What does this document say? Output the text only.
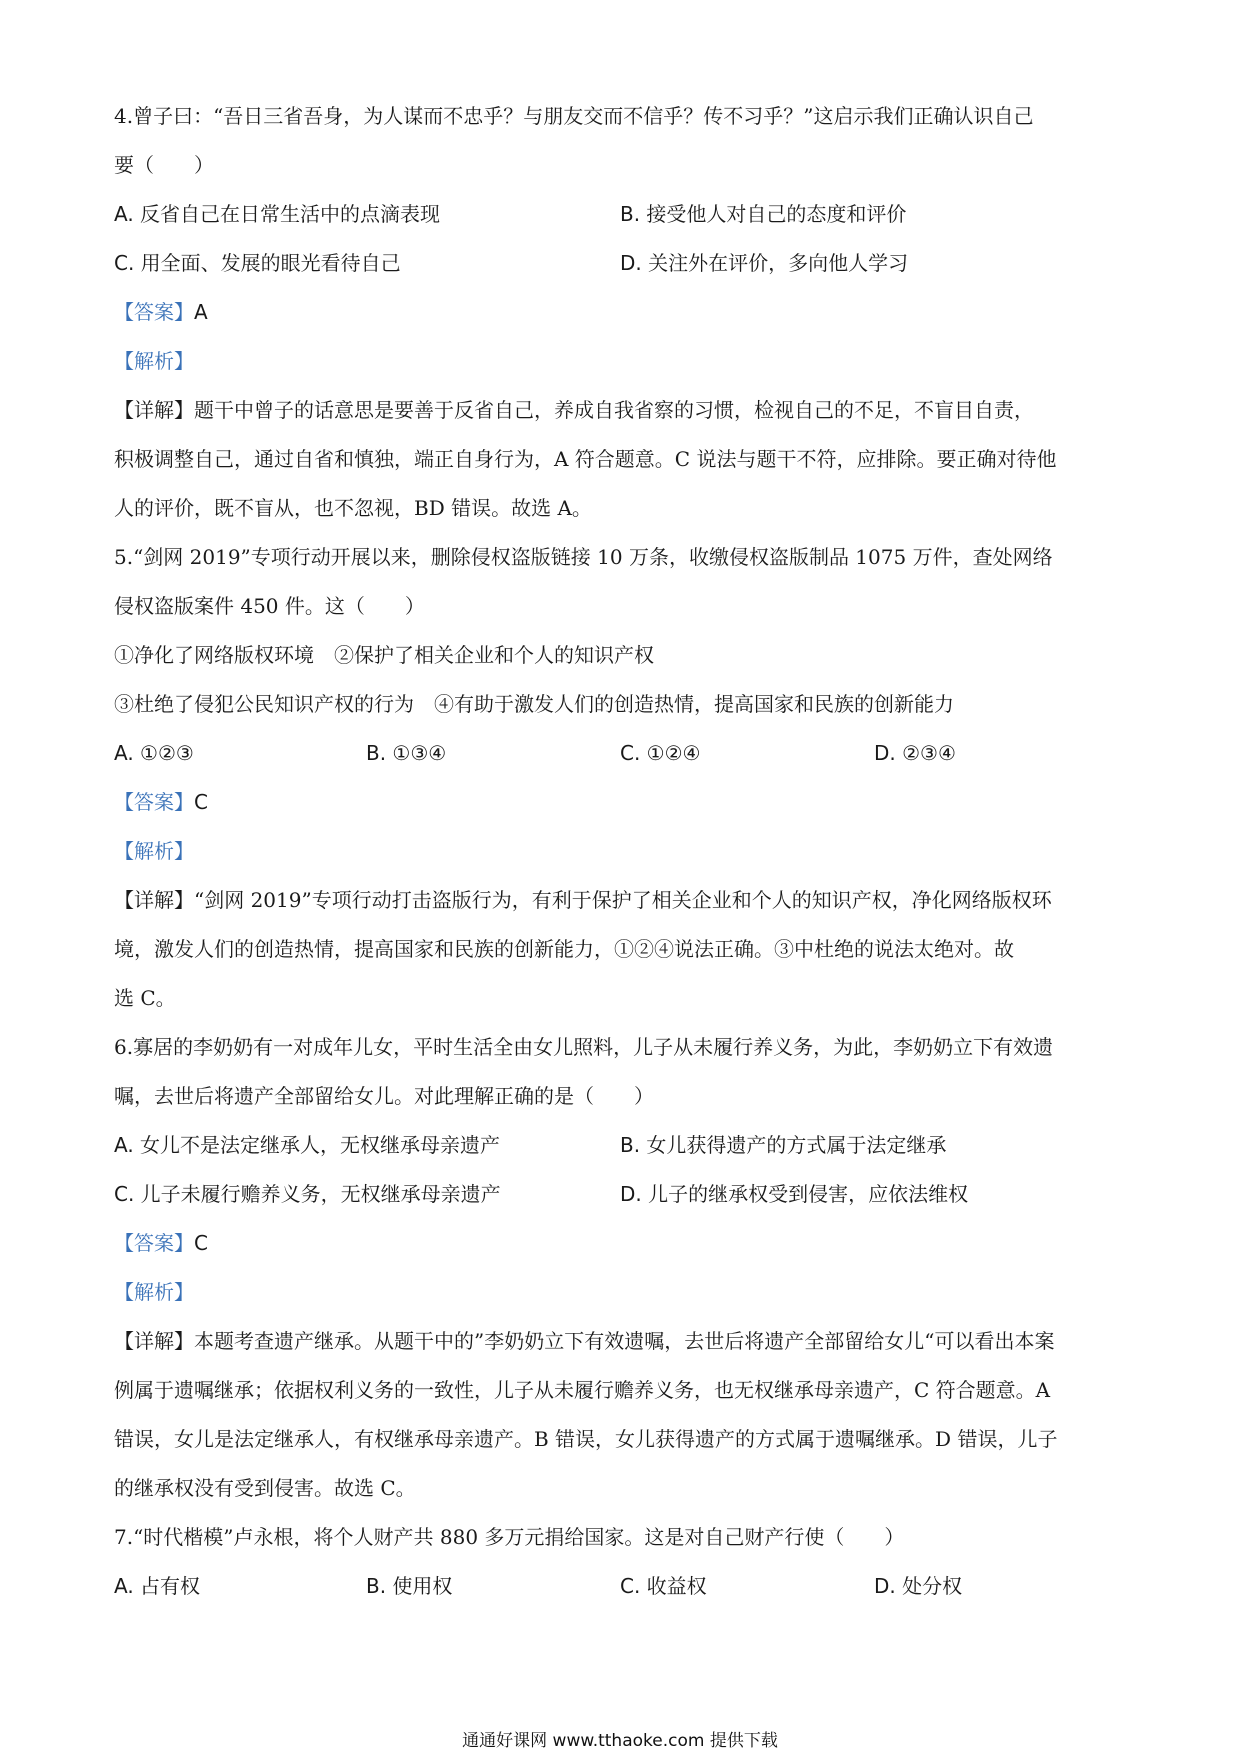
4.曾子曰：“吾日三省吾身，为人谋而不忠乎？与朋友交而不信乎？传不习乎？”这启示我们正确认识自己
要（　　）
A. 反省自己在日常生活中的点滴表现	B. 接受他人对自己的态度和评价
C. 用全面、发展的眼光看待自己	D. 关注外在评价，多向他人学习
【答案】A
【解析】
【详解】题干中曾子的话意思是要善于反省自己，养成自我省察的习惯，检视自己的不足，不盲目自责，
积极调整自己，通过自省和慎独，端正自身行为，A 符合题意。C 说法与题干不符，应排除。要正确对待他
人的评价，既不盲从，也不忽视，BD 错误。故选 A。
5.“剑网 2019”专项行动开展以来，删除侵权盗版链接 10 万条，收缴侵权盗版制品 1075 万件，查处网络
侵权盗版案件 450 件。这（　　）
①净化了网络版权环境　②保护了相关企业和个人的知识产权
③杜绝了侵犯公民知识产权的行为　④有助于激发人们的创造热情，提高国家和民族的创新能力
A. ①②③	B. ①③④	C. ①②④	D. ②③④
【答案】C
【解析】
【详解】“剑网 2019”专项行动打击盗版行为，有利于保护了相关企业和个人的知识产权，净化网络版权环
境，激发人们的创造热情，提高国家和民族的创新能力，①②④说法正确。③中杜绝的说法太绝对。故
选 C。
6.寡居的李奶奶有一对成年儿女，平时生活全由女儿照料，儿子从未履行养义务，为此，李奶奶立下有效遗
嘱，去世后将遗产全部留给女儿。对此理解正确的是（　　）
A. 女儿不是法定继承人，无权继承母亲遗产	B. 女儿获得遗产的方式属于法定继承
C. 儿子未履行赡养义务，无权继承母亲遗产	D. 儿子的继承权受到侵害，应依法维权
【答案】C
【解析】
【详解】本题考查遗产继承。从题干中的”李奶奶立下有效遗嘱，去世后将遗产全部留给女儿“可以看出本案
例属于遗嘱继承；依据权利义务的一致性，儿子从未履行赡养义务，也无权继承母亲遗产，C 符合题意。A
错误，女儿是法定继承人，有权继承母亲遗产。B 错误，女儿获得遗产的方式属于遗嘱继承。D 错误，儿子
的继承权没有受到侵害。故选 C。
7.“时代楷模”卢永根，将个人财产共 880 多万元捐给国家。这是对自己财产行使（　　）
A. 占有权	B. 使用权	C. 收益权	D. 处分权
通通好课网 www.tthaoke.com 提供下载
